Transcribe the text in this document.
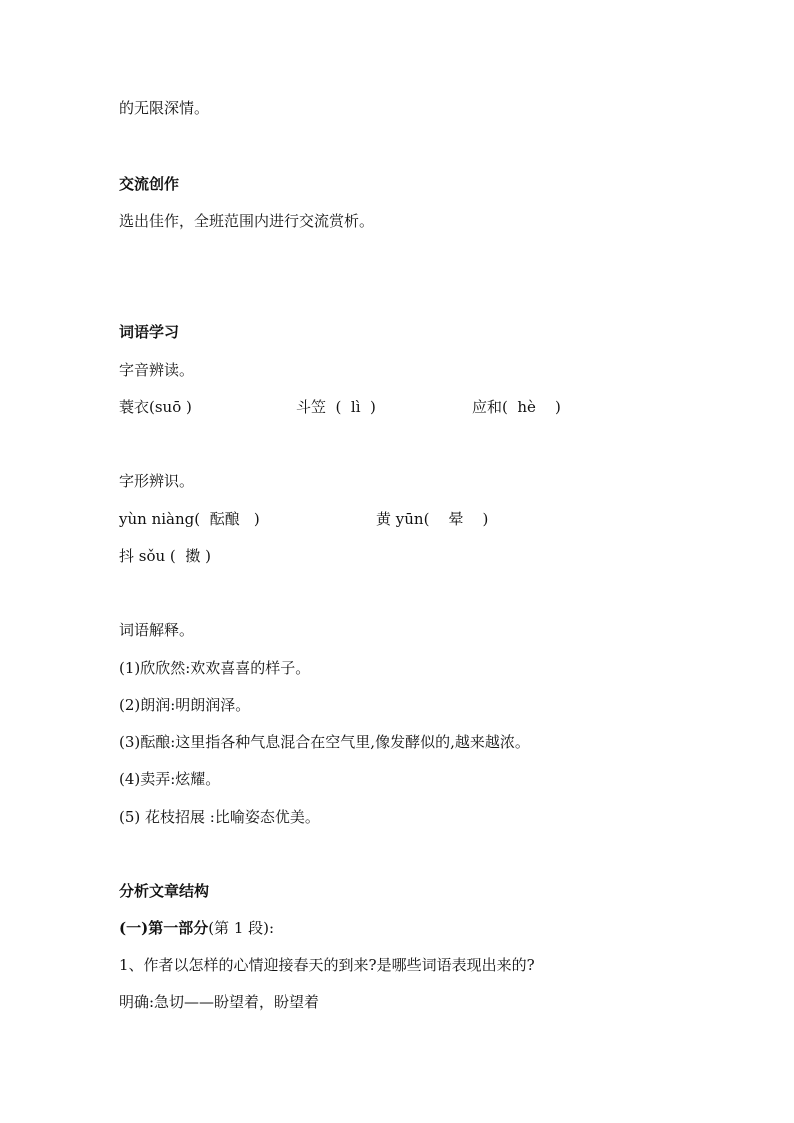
的无限深情。
交流创作
选出佳作，全班范围内进行交流赏析。
词语学习
字音辨读。
蓑衣(suō )	斗笠  (  lì  )	应和(  hè    )
字形辨识。
yùn niàng(  酝酿   )	黄 yūn(    晕    )
抖 sǒu (  擞 )
词语解释。
(1)欣欣然:欢欢喜喜的样子。
(2)朗润:明朗润泽。
(3)酝酿:这里指各种气息混合在空气里,像发酵似的,越来越浓。
(4)卖弄:炫耀。
(5) 花枝招展 :比喻姿态优美。
分析文章结构
(一)第一部分(第 1 段):
1、作者以怎样的心情迎接春天的到来?是哪些词语表现出来的?
明确:急切——盼望着，盼望着
